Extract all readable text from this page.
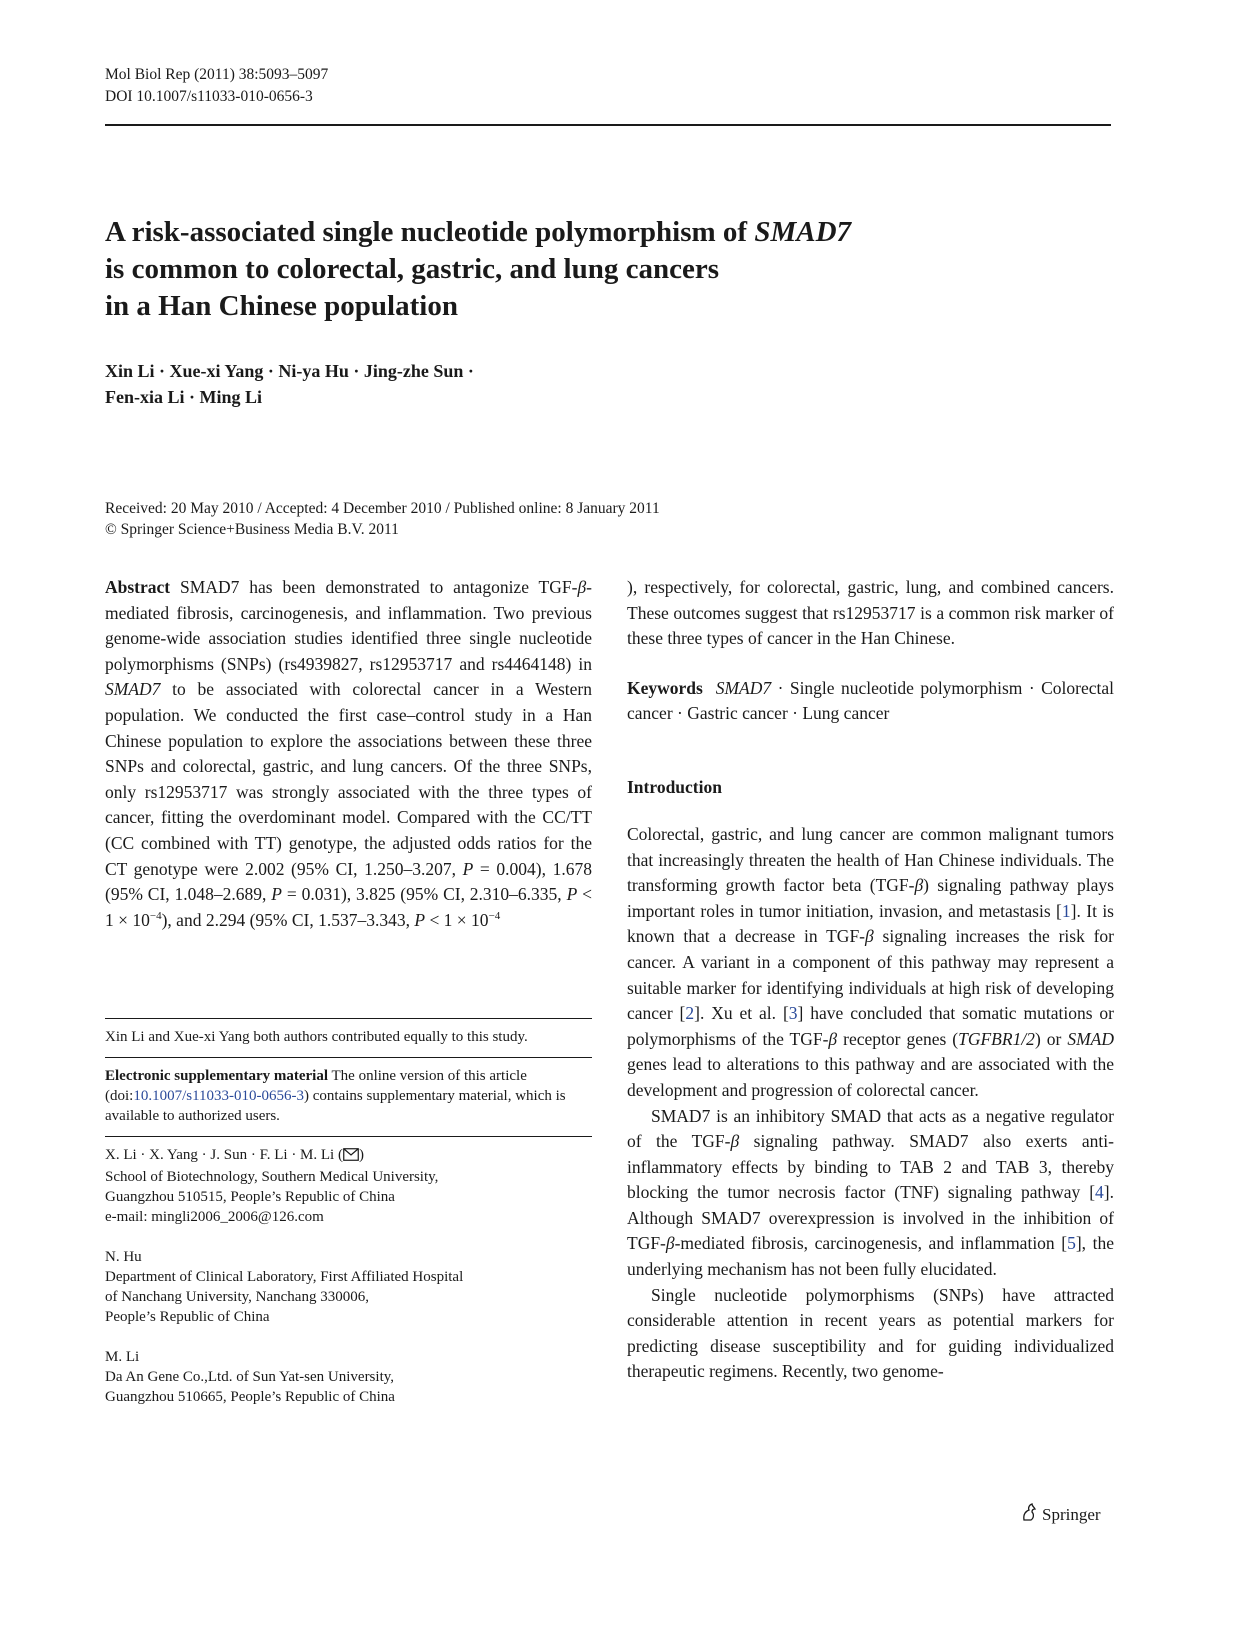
Mol Biol Rep (2011) 38:5093–5097
DOI 10.1007/s11033-010-0656-3
A risk-associated single nucleotide polymorphism of SMAD7
is common to colorectal, gastric, and lung cancers
in a Han Chinese population
Xin Li · Xue-xi Yang · Ni-ya Hu · Jing-zhe Sun ·
Fen-xia Li · Ming Li
Received: 20 May 2010 / Accepted: 4 December 2010 / Published online: 8 January 2011
© Springer Science+Business Media B.V. 2011

Abstract SMAD7 has been demonstrated to antagonize TGF-β-mediated fibrosis, carcinogenesis, and inflammation. Two previous genome-wide association studies identified three single nucleotide polymorphisms (SNPs) (rs4939827, rs12953717 and rs4464148) in SMAD7 to be associated with colorectal cancer in a Western population. We conducted the first case–control study in a Han Chinese population to explore the associations between these three SNPs and colorectal, gastric, and lung cancers. Of the three SNPs, only rs12953717 was strongly associated with the three types of cancer, fitting the overdominant model. Compared with the CC/TT (CC combined with TT) genotype, the adjusted odds ratios for the CT genotype were 2.002 (95% CI, 1.250–3.207, P = 0.004), 1.678 (95% CI, 1.048–2.689, P = 0.031), 3.825 (95% CI, 2.310–6.335, $P < 1 \times 10^{-4}$), and 2.294 (95% CI, 1.537–3.343, $P < 1 \times 10^{-4}$

Xin Li and Xue-xi Yang both authors contributed equally to this study.

Electronic supplementary material The online version of this article (doi:10.1007/s11033-010-0656-3) contains supplementary material, which is available to authorized users.

X. Li · X. Yang · J. Sun · F. Li · M. Li ( )
School of Biotechnology, Southern Medical University,
Guangzhou 510515, People’s Republic of China
e-mail: mingli2006_2006@126.com
N. Hu
Department of Clinical Laboratory, First Affiliated Hospital
of Nanchang University, Nanchang 330006,
People’s Republic of China
M. Li
Da An Gene Co.,Ltd. of Sun Yat-sen University,
Guangzhou 510665, People’s Republic of China

), respectively, for colorectal, gastric, lung, and combined cancers. These outcomes suggest that rs12953717 is a common risk marker of these three types of cancer in the Han Chinese.

Keywords SMAD7 · Single nucleotide polymorphism · Colorectal cancer · Gastric cancer · Lung cancer

Introduction

Colorectal, gastric, and lung cancer are common malignant tumors that increasingly threaten the health of Han Chinese individuals. The transforming growth factor beta (TGF-β) signaling pathway plays important roles in tumor initiation, invasion, and metastasis [1]. It is known that a decrease in TGF-β signaling increases the risk for cancer. A variant in a component of this pathway may represent a suitable marker for identifying individuals at high risk of developing cancer [2]. Xu et al. [3] have concluded that somatic mutations or polymorphisms of the TGF-β receptor genes (TGFBR1/2) or SMAD genes lead to alterations to this pathway and are associated with the development and progression of colorectal cancer.

SMAD7 is an inhibitory SMAD that acts as a negative regulator of the TGF-β signaling pathway. SMAD7 also exerts anti-inflammatory effects by binding to TAB 2 and TAB 3, thereby blocking the tumor necrosis factor (TNF) signaling pathway [4]. Although SMAD7 overexpression is involved in the inhibition of TGF-β-mediated fibrosis, carcinogenesis, and inflammation [5], the underlying mechanism has not been fully elucidated.

Single nucleotide polymorphisms (SNPs) have attracted considerable attention in recent years as potential markers for predicting disease susceptibility and for guiding individualized therapeutic regimens. Recently, two genome-

Springer
